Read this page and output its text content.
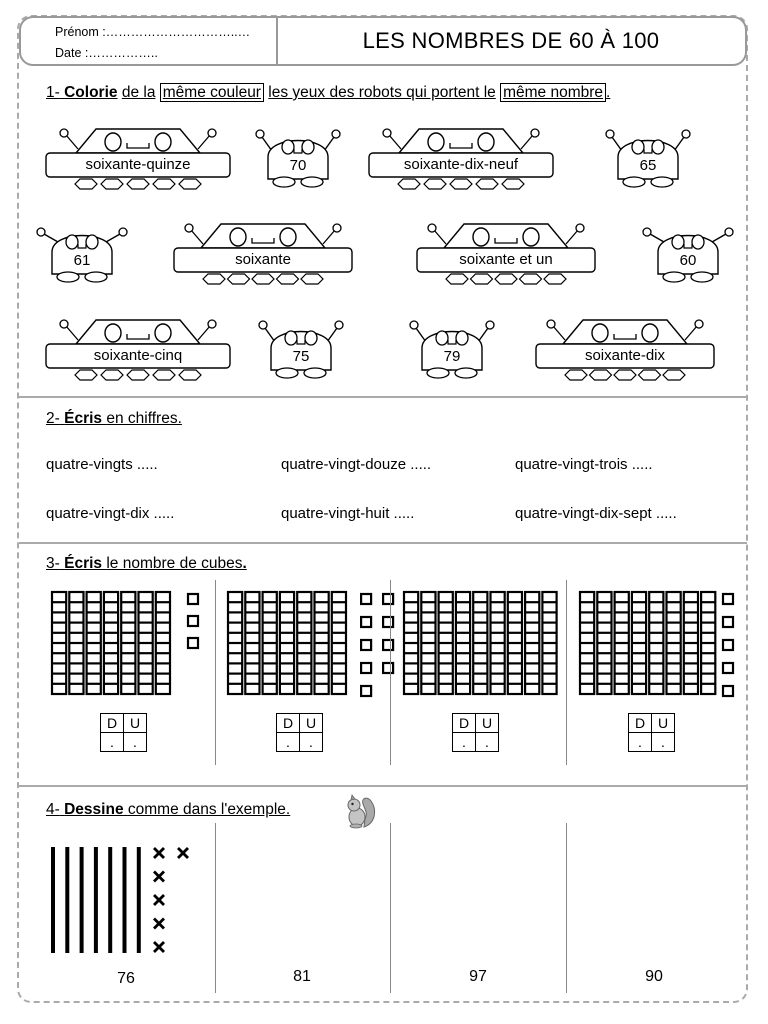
Prénom :…………………………..…
Date :……………..	LES NOMBRES DE 60 À 100
1- Colorie de la même couleur les yeux des robots qui portent le même nombre .
soixante-quinze	soixante-dix-neuf
soixante	soixante et un
soixante-cinq	soixante-dix
70	65
61	60
75	79
2- Écris en chiffres.
quatre-vingts .....	quatre-vingt-douze .....	quatre-vingt-trois .....
quatre-vingt-dix .....	quatre-vingt-huit .....	quatre-vingt-dix-sept .....
3- Écris le nombre de cubes.
D	U
.	.
D	U
.	.
D	U
.	.
D	U
.	.
4- Dessine comme dans l'exemple.
76	81	97	90
